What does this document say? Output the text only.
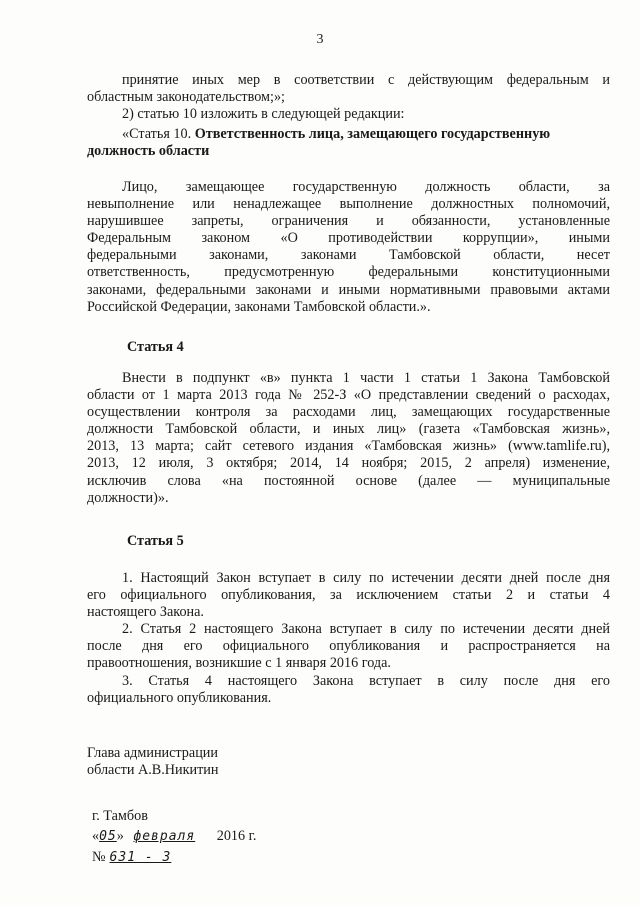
3
принятие иных мер в соответствии с действующим федеральным и
областным законодательством;»;
2) статью 10 изложить в следующей редакции:
«Статья 10. Ответственность лица, замещающего государственную
должность области
Лицо, замещающее государственную должность области, за
невыполнение или ненадлежащее выполнение должностных полномочий,
нарушившее запреты, ограничения и обязанности, установленные
Федеральным законом «О противодействии коррупции», иными
федеральными законами, законами Тамбовской области, несет
ответственность, предусмотренную федеральными конституционными
законами, федеральными законами и иными нормативными правовыми актами
Российской Федерации, законами Тамбовской области.».
Статья 4
Внести в подпункт «в» пункта 1 части 1 статьи 1 Закона Тамбовской
области от 1 марта 2013 года № 252-З «О представлении сведений о расходах,
осуществлении контроля за расходами лиц, замещающих государственные
должности Тамбовской области, и иных лиц» (газета «Тамбовская жизнь»,
2013, 13 марта; сайт сетевого издания «Тамбовская жизнь» (www.tamlife.ru),
2013, 12 июля, 3 октября; 2014, 14 ноября; 2015, 2 апреля) изменение,
исключив слова «на постоянной основе (далее — муниципальные
должности)».
Статья 5
1. Настоящий Закон вступает в силу по истечении десяти дней после дня
его официального опубликования, за исключением статьи 2 и статьи 4
настоящего Закона.
2. Статья 2 настоящего Закона вступает в силу по истечении десяти дней
после дня его официального опубликования и распространяется на
правоотношения, возникшие с 1 января 2016 года.
3. Статья 4 настоящего Закона вступает в силу после дня его
официального опубликования.
Глава администрации
области А.В.Никитин
г. Тамбов
«05» февраля 2016 г.
№ 631 - З
